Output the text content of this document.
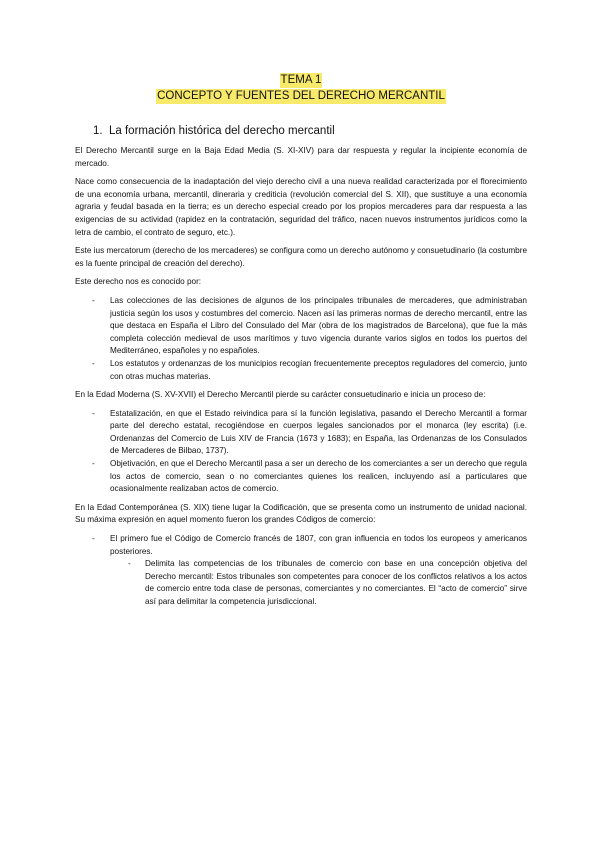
TEMA 1
CONCEPTO Y FUENTES DEL DERECHO MERCANTIL
1. La formación histórica del derecho mercantil

El Derecho Mercantil surge en la Baja Edad Media (S. XI-XIV) para dar respuesta y regular la incipiente economía de mercado.

Nace como consecuencia de la inadaptación del viejo derecho civil a una nueva realidad caracterizada por el florecimiento de una economía urbana, mercantil, dineraria y crediticia (revolución comercial del S. XII), que sustituye a una economía agraria y feudal basada en la tierra; es un derecho especial creado por los propios mercaderes para dar respuesta a las exigencias de su actividad (rapidez en la contratación, seguridad del tráfico, nacen nuevos instrumentos jurídicos como la letra de cambio, el contrato de seguro, etc.).

Este ius mercatorum (derecho de los mercaderes) se configura como un derecho autónomo y consuetudinario (la costumbre es la fuente principal de creación del derecho).

Este derecho nos es conocido por:

- Las colecciones de las decisiones de algunos de los principales tribunales de mercaderes, que administraban justicia según los usos y costumbres del comercio. Nacen así las primeras normas de derecho mercantil, entre las que destaca en España el Libro del Consulado del Mar (obra de los magistrados de Barcelona), que fue la más completa colección medieval de usos marítimos y tuvo vigencia durante varios siglos en todos los puertos del Mediterráneo, españoles y no españoles.
- Los estatutos y ordenanzas de los municipios recogían frecuentemente preceptos reguladores del comercio, junto con otras muchas materias.

En la Edad Moderna (S. XV-XVII) el Derecho Mercantil pierde su carácter consuetudinario e inicia un proceso de:

- Estatalización, en que el Estado reivindica para sí la función legislativa, pasando el Derecho Mercantil a formar parte del derecho estatal, recogiéndose en cuerpos legales sancionados por el monarca (ley escrita) (i.e. Ordenanzas del Comercio de Luis XIV de Francia (1673 y 1683); en España, las Ordenanzas de los Consulados de Mercaderes de Bilbao, 1737).
- Objetivación, en que el Derecho Mercantil pasa a ser un derecho de los comerciantes a ser un derecho que regula los actos de comercio, sean o no comerciantes quienes los realicen, incluyendo así a particulares que ocasionalmente realizaban actos de comercio.

En la Edad Contemporánea (S. XIX) tiene lugar la Codificación, que se presenta como un instrumento de unidad nacional. Su máxima expresión en aquel momento fueron los grandes Códigos de comercio:

- El primero fue el Código de Comercio francés de 1807, con gran influencia en todos los europeos y americanos posteriores.
- Delimita las competencias de los tribunales de comercio con base en una concepción objetiva del Derecho mercantil: Estos tribunales son competentes para conocer de los conflictos relativos a los actos de comercio entre toda clase de personas, comerciantes y no comerciantes. El “acto de comercio” sirve así para delimitar la competencia jurisdiccional.
